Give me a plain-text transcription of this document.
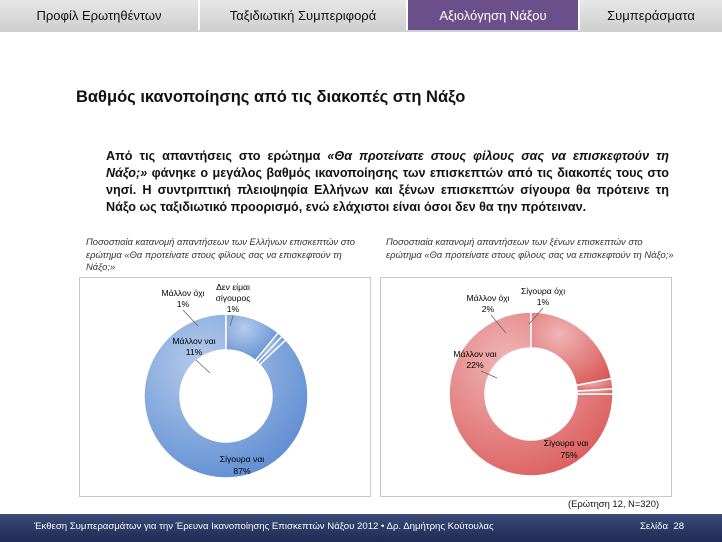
Προφίλ Ερωτηθέντων	Ταξιδιωτική Συμπεριφορά	Αξιολόγηση Νάξου	Συμπεράσματα
Βαθμός ικανοποίησης από τις διακοπές στη Νάξο
Από τις απαντήσεις στο ερώτημα «Θα προτείνατε στους φίλους σας να επισκεφτούν τη Νάξο;» φάνηκε ο μεγάλος βαθμός ικανοποίησης των επισκεπτών από τις διακοπές τους στο νησί. Η συντριπτική πλειοψηφία Ελλήνων και ξένων επισκεπτών σίγουρα θα πρότεινε τη Νάξο ως ταξιδιωτικό προορισμό, ενώ ελάχιστοι είναι όσοι δεν θα την πρότειναν.
Ποσοστιαία κατανομή απαντήσεων των Ελλήνων επισκεπτών στο ερώτημα «Θα προτείνατε στους φίλους σας να επισκεφτούν τη Νάξο;»
Ποσοστιαία κατανομή απαντήσεων των ξένων επισκεπτών στο ερώτημα «Θα προτείνατε στους φίλους σας να επισκεφτούν τη Νάξο;»
Σίγουρα ναι
87%
Μάλλον ναι
11%
Μάλλον όχι
1%
Δεν είμαι
σίγουρος
1%
Σίγουρα ναι
75%
Μάλλον ναι
22%
Μάλλον όχι
2%
Σίγουρα όχι
1%
(Ερώτηση 12, Ν=320)
Έκθεση Συμπερασμάτων για την Έρευνα Ικανοποίησης Επισκεπτών Νάξου 2012 • Δρ. Δημήτρης Κούτουλας	Σελίδα 28
